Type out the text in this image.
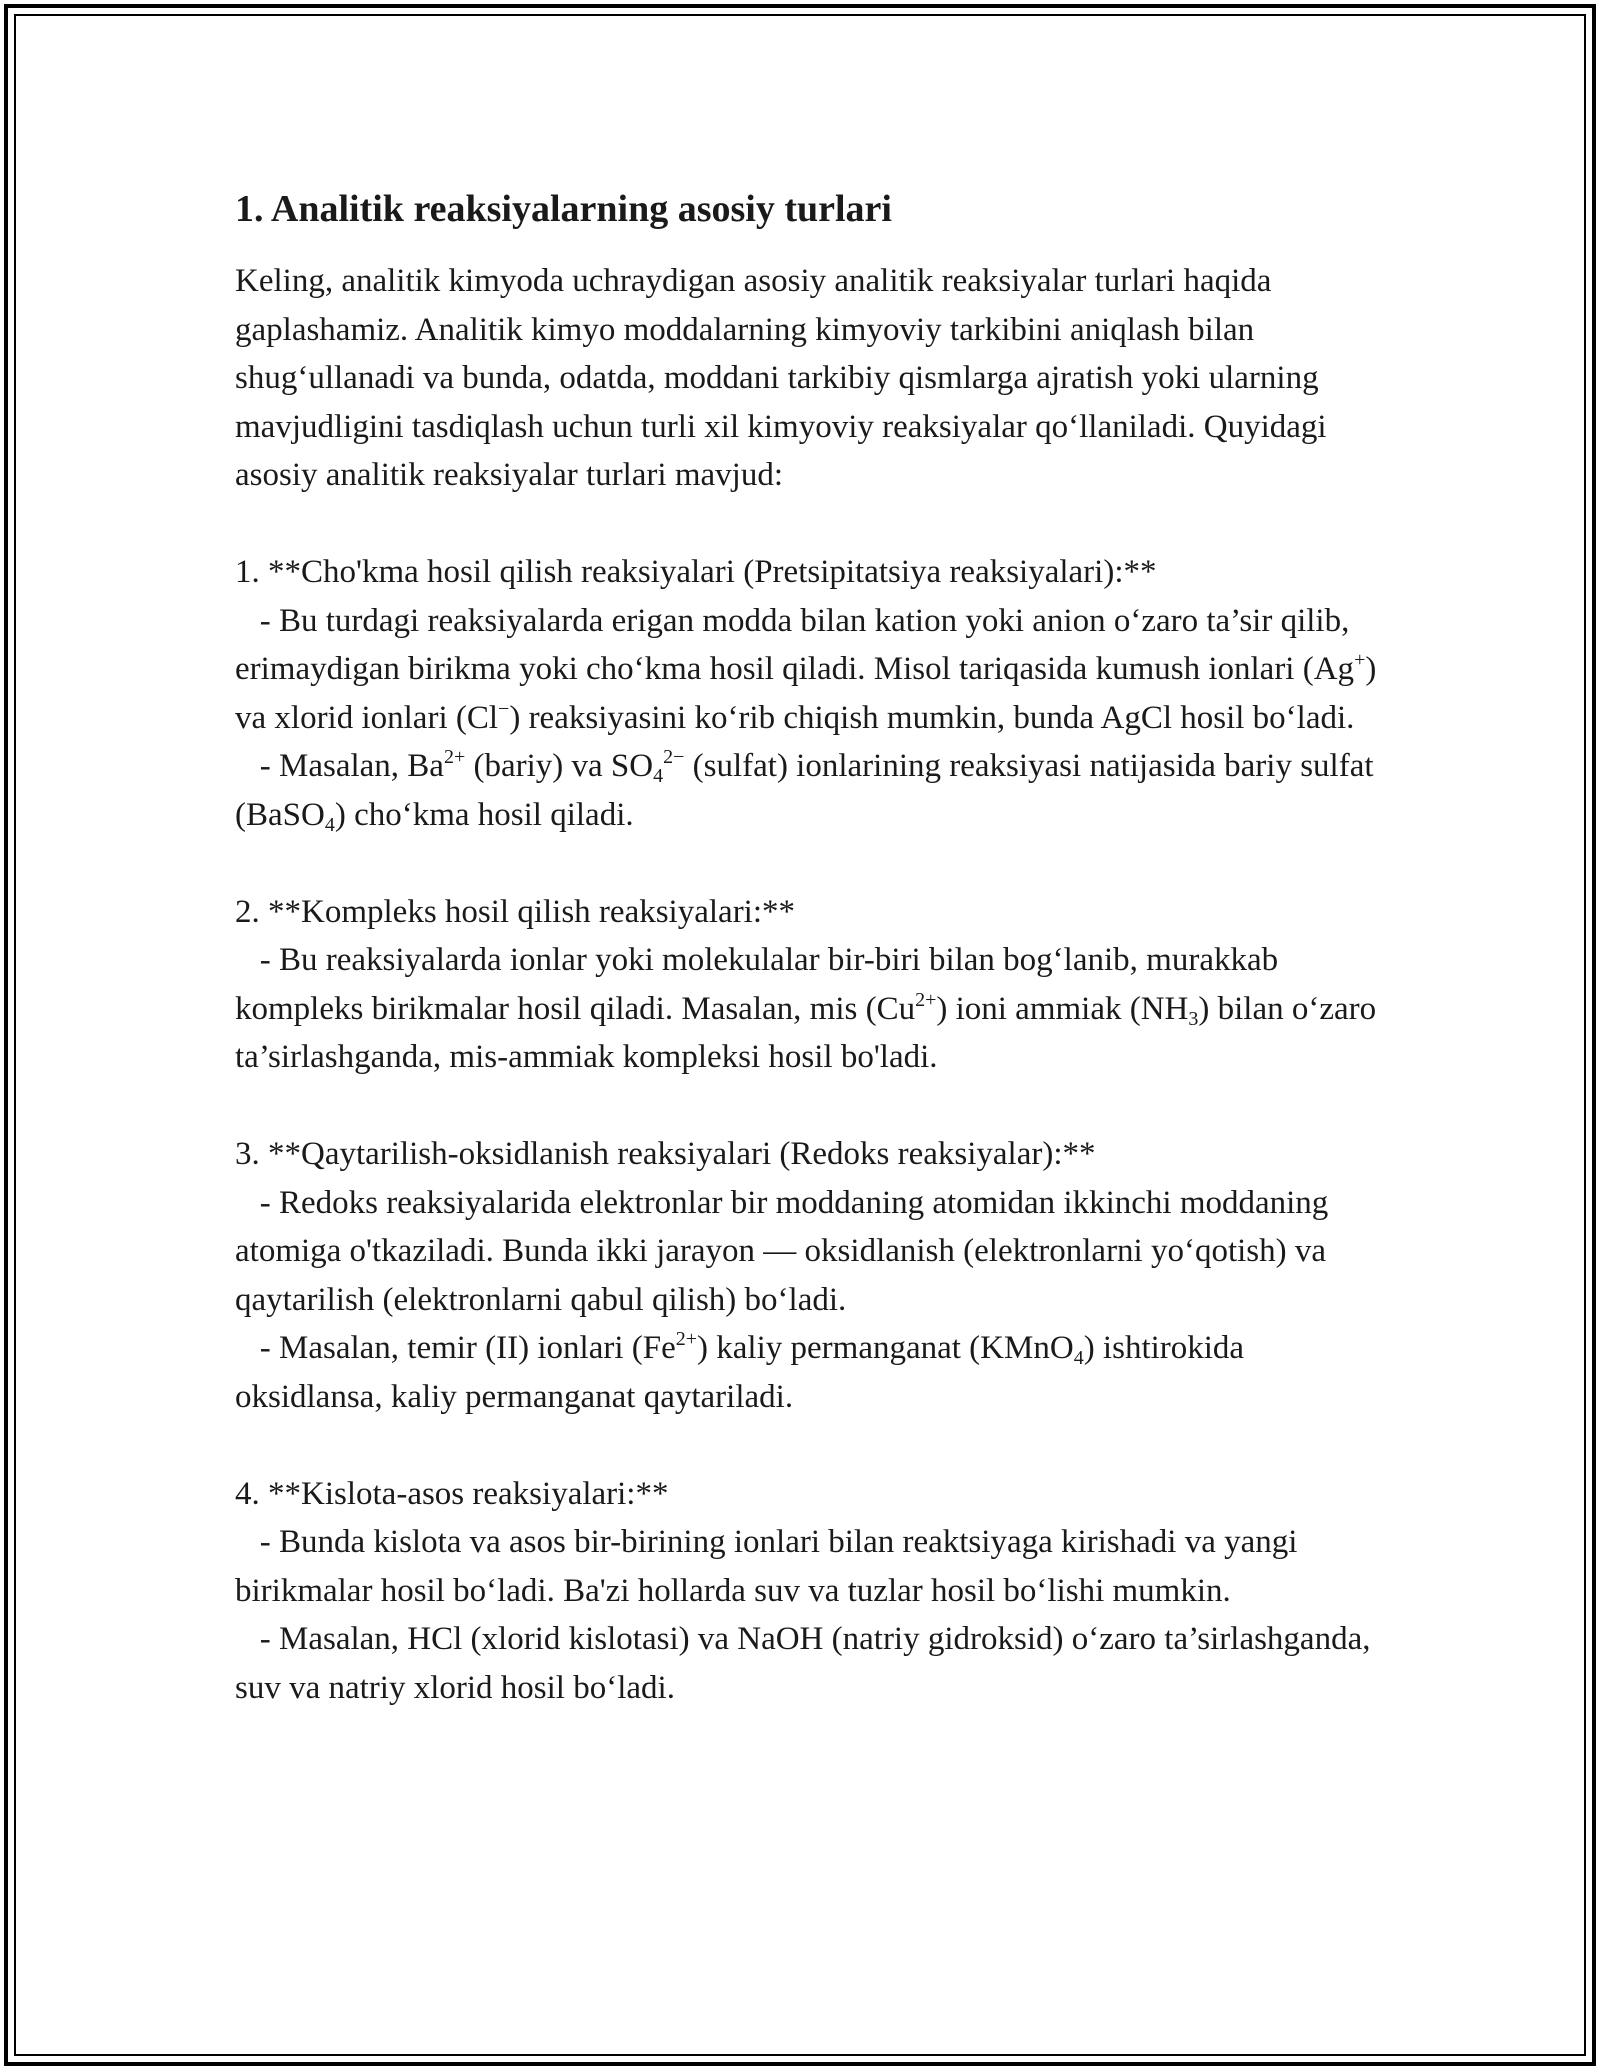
1. Analitik reaksiyalarning asosiy turlari

Keling, analitik kimyoda uchraydigan asosiy analitik reaksiyalar turlari haqida gaplashamiz. Analitik kimyo moddalarning kimyoviy tarkibini aniqlash bilan shug‘ullanadi va bunda, odatda, moddani tarkibiy qismlarga ajratish yoki ularning mavjudligini tasdiqlash uchun turli xil kimyoviy reaksiyalar qo‘llaniladi. Quyidagi asosiy analitik reaksiyalar turlari mavjud:

1. **Cho'kma hosil qilish reaksiyalari (Pretsipitatsiya reaksiyalari):**

- Bu turdagi reaksiyalarda erigan modda bilan kation yoki anion o‘zaro ta’sir qilib, erimaydigan birikma yoki cho‘kma hosil qiladi. Misol tariqasida kumush ionlari (Ag+) va xlorid ionlari (Cl−) reaksiyasini ko‘rib chiqish mumkin, bunda AgCl hosil bo‘ladi.

- Masalan, $Ba^{2+}$ (bariy) va $SO_4^{2-}$ (sulfat) ionlarining reaksiyasi natijasida bariy sulfat (BaSO$_4$) cho‘kma hosil qiladi.

2. **Kompleks hosil qilish reaksiyalari:**

- Bu reaksiyalarda ionlar yoki molekulalar bir-biri bilan bog‘lanib, murakkab kompleks birikmalar hosil qiladi. Masalan, mis $(Cu^{2+})$ ioni ammiak $(NH_3)$ bilan o‘zaro ta’sirlashganda, mis-ammiak kompleksi hosil bo'ladi.

3. **Qaytarilish-oksidlanish reaksiyalari (Redoks reaksiyalar):**

- Redoks reaksiyalarida elektronlar bir moddaning atomidan ikkinchi moddaning atomiga o'tkaziladi. Bunda ikki jarayon — oksidlanish (elektronlarni yo‘qotish) va qaytarilish (elektronlarni qabul qilish) bo‘ladi.

- Masalan, temir (II) ionlari $(Fe^{2+})$ kaliy permanganat (KMnO$_4$) ishtirokida oksidlansa, kaliy permanganat qaytariladi.

4. **Kislota-asos reaksiyalari:**

- Bunda kislota va asos bir-birining ionlari bilan reaktsiyaga kirishadi va yangi birikmalar hosil bo‘ladi. Ba'zi hollarda suv va tuzlar hosil bo‘lishi mumkin.

- Masalan, HCl (xlorid kislotasi) va NaOH (natriy gidroksid) o‘zaro ta’sirlashganda, suv va natriy xlorid hosil bo‘ladi.
